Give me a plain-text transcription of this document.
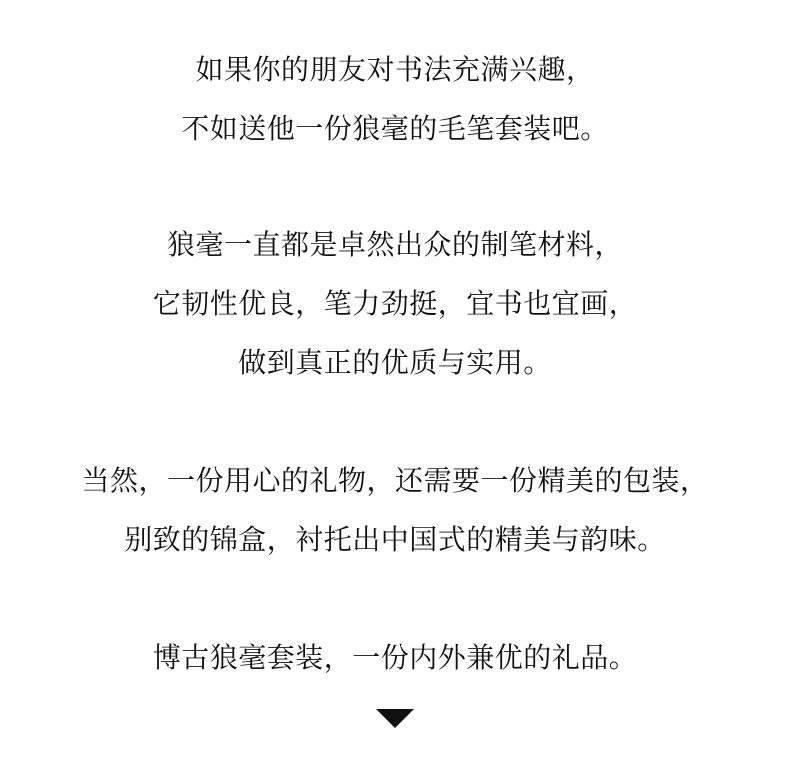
如果你的朋友对书法充满兴趣，
不如送他一份狼毫的毛笔套装吧。
狼毫一直都是卓然出众的制笔材料，
它韧性优良，笔力劲挺，宜书也宜画，
做到真正的优质与实用。
当然，一份用心的礼物，还需要一份精美的包装，
别致的锦盒，衬托出中国式的精美与韵味。
博古狼毫套装，一份内外兼优的礼品。
